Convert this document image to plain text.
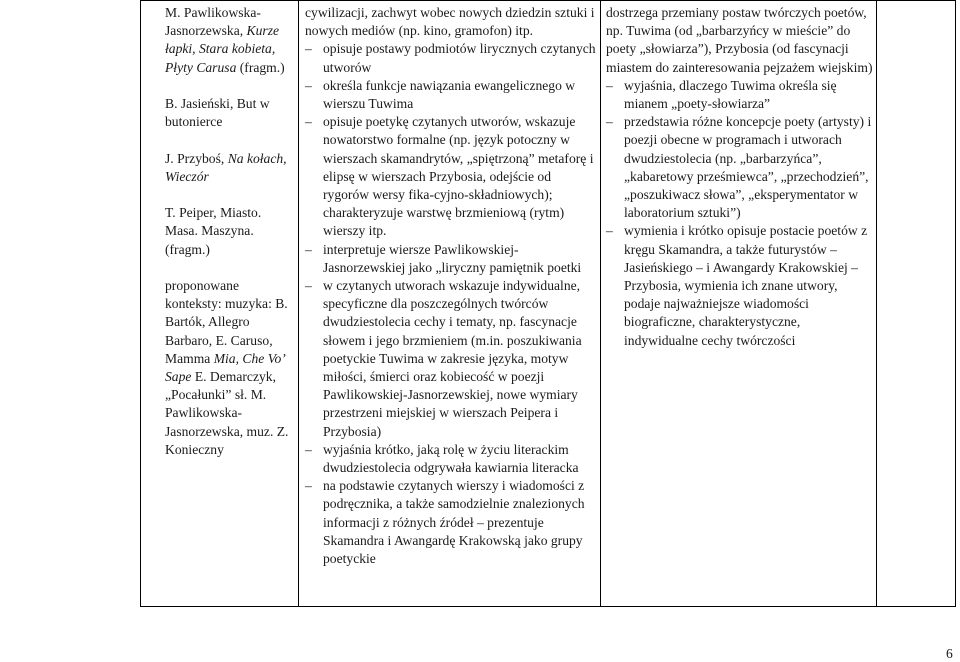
M. Pawlikowska-Jasnorzewska, Kurze łapki, Stara kobieta, Płyty Carusa (fragm.)

B. Jasieński, But w butonierce

J. Przyboś, Na kołach, Wieczór

T. Peiper, Miasto. Masa. Maszyna. (fragm.)

proponowane konteksty: muzyka: B. Bartók, Allegro Barbaro, E. Caruso, Mamma Mia, Che Vo’ Sape E. Demarczyk, „Pocałunki” sł. M. Pawlikowska-Jasnorzewska, muz. Z. Konieczny

cywilizacji, zachwyt wobec nowych dziedzin sztuki i nowych mediów (np. kino, gramofon) itp.

– opisuje postawy podmiotów lirycznych czytanych utworów
– określa funkcje nawiązania ewangelicznego w wierszu Tuwima
– opisuje poetykę czytanych utworów, wskazuje nowatorstwo formalne (np. język potoczny w wierszach skamandrytów, „spiętrzoną” metaforę i elipsę w wierszach Przybosia, odejście od rygorów wersy fika-cyjno-składniowych); charakteryzuje warstwę brzmieniową (rytm) wierszy itp.
– interpretuje wiersze Pawlikowskiej-Jasnorzewskiej jako „liryczny pamiętnik poetki
– w czytanych utworach wskazuje indywidualne, specyficzne dla poszczególnych twórców dwudziestolecia cechy i tematy, np. fascynacje słowem i jego brzmieniem (m.in. poszukiwania poetyckie Tuwima w zakresie języka, motyw miłości, śmierci oraz kobiecość w poezji Pawlikowskiej-Jasnorzewskiej, nowe wymiary przestrzeni miejskiej w wierszach Peipera i Przybosia)
– wyjaśnia krótko, jaką rolę w życiu literackim dwudziestolecia odgrywała kawiarnia literacka
– na podstawie czytanych wierszy i wiadomości z podręcznika, a także samodzielnie znalezionych informacji z różnych źródeł – prezentuje Skamandra i Awangardę Krakowską jako grupy poetyckie

dostrzega przemiany postaw twórczych poetów, np. Tuwima (od „barbarzyńcy w mieście” do poety „słowiarza”), Przybosia (od fascynacji miastem do zainteresowania pejzażem wiejskim)

– wyjaśnia, dlaczego Tuwima określa się mianem „poety-słowiarza”
– przedstawia różne koncepcje poety (artysty) i poezji obecne w programach i utworach dwudziestolecia (np. „barbarzyńca”, „kabaretowy prześmiewca”, „przechodzień”, „poszukiwacz słowa”, „eksperymentator w laboratorium sztuki”)
– wymienia i krótko opisuje postacie poetów z kręgu Skamandra, a także futurystów – Jasieńskiego – i Awangardy Krakowskiej – Przybosia, wymienia ich znane utwory, podaje najważniejsze wiadomości biograficzne, charakterystyczne, indywidualne cechy twórczości
6
